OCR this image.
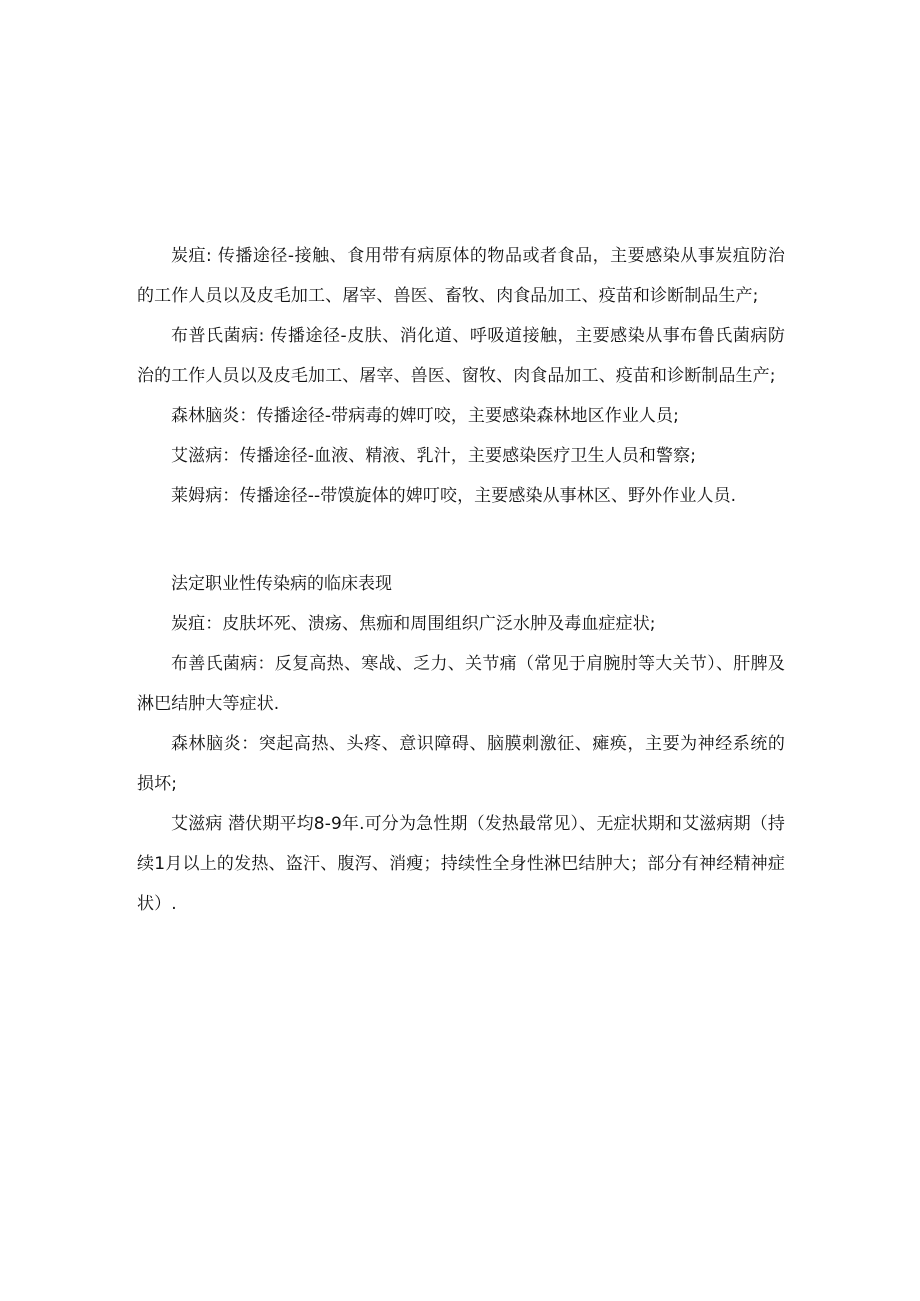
炭疽: 传播途径-接触、食用带有病原体的物品或者食品，主要感染从事炭疽防治的工作人员以及皮毛加工、屠宰、兽医、畜牧、肉食品加工、疫苗和诊断制品生产;

布普氏菌病: 传播途径-皮肤、消化道、呼吸道接触，主要感染从事布鲁氏菌病防治的工作人员以及皮毛加工、屠宰、兽医、窗牧、肉食品加工、疫苗和诊断制品生产;

森林脑炎：传播途径-带病毒的婢叮咬，主要感染森林地区作业人员;

艾滋病：传播途径-血液、精液、乳汁，主要感染医疗卫生人员和警察;

莱姆病：传播途径--带馍旋体的婢叮咬，主要感染从事林区、野外作业人员.

法定职业性传染病的临床表现

炭疽：皮肤坏死、溃疡、焦痂和周围组织广泛水肿及毒血症症状;

布善氏菌病：反复高热、寒战、乏力、关节痛（常见于肩腕肘等大关节）、肝脾及淋巴结肿大等症状.

森林脑炎：突起高热、头疼、意识障碍、脑膜刺激征、瘫痪，主要为神经系统的损坏;

艾滋病 潜伏期平均8-9年.可分为急性期（发热最常见）、无症状期和艾滋病期（持续1月以上的发热、盗汗、腹泻、消瘦；持续性全身性淋巴结肿大；部分有神经精神症状）.
